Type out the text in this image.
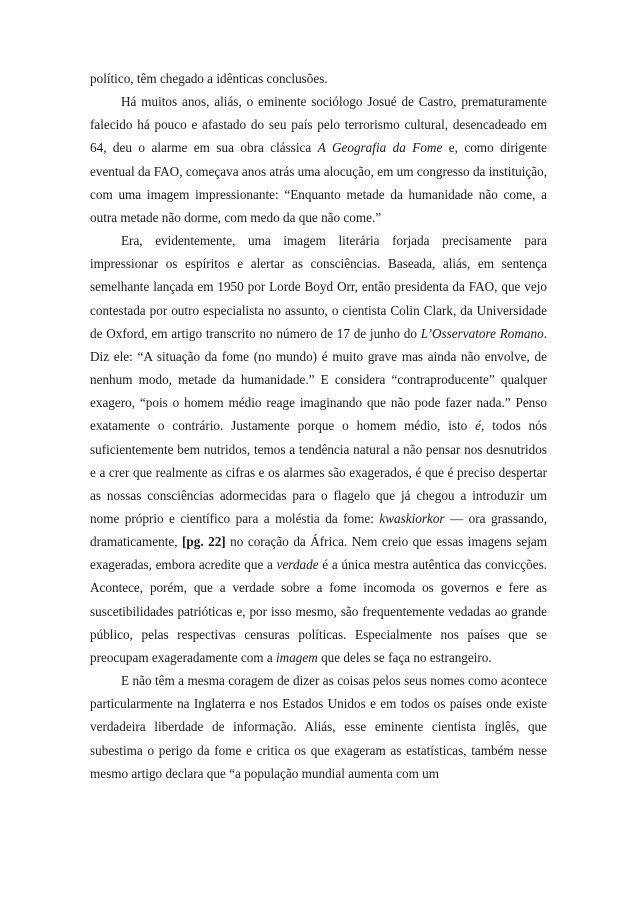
político, têm chegado a idênticas conclusões.

Há muitos anos, aliás, o eminente sociólogo Josué de Castro, prematuramente falecido há pouco e afastado do seu país pelo terrorismo cultural, desencadeado em 64, deu o alarme em sua obra clássica A Geografia da Fome e, como dirigente eventual da FAO, começava anos atrás uma alocução, em um congresso da instituição, com uma imagem impressionante: “Enquanto metade da humanidade não come, a outra metade não dorme, com medo da que não come.”

Era, evidentemente, uma imagem literária forjada precisamente para impressionar os espíritos e alertar as consciências. Baseada, aliás, em sentença semelhante lançada em 1950 por Lorde Boyd Orr, então presidenta da FAO, que vejo contestada por outro especialista no assunto, o cientista Colin Clark, da Universidade de Oxford, em artigo transcrito no número de 17 de junho do L’Osservatore Romano. Diz ele: “A situação da fome (no mundo) é muito grave mas ainda não envolve, de nenhum modo, metade da humanidade.” E considera “contraproducente” qualquer exagero, “pois o homem médio reage imaginando que não pode fazer nada.” Penso exatamente o contrário. Justamente porque o homem médio, isto é, todos nós suficientemente bem nutridos, temos a tendência natural a não pensar nos desnutridos e a crer que realmente as cifras e os alarmes são exagerados, é que é preciso despertar as nossas consciências adormecidas para o flagelo que já chegou a introduzir um nome próprio e científico para a moléstia da fome: kwaskiorkor — ora grassando, dramaticamente, [pg. 22] no coração da África. Nem creio que essas imagens sejam exageradas, embora acredite que a verdade é a única mestra autêntica das convicções. Acontece, porém, que a verdade sobre a fome incomoda os governos e fere as suscetibilidades patrióticas e, por isso mesmo, são frequentemente vedadas ao grande público, pelas respectivas censuras políticas. Especialmente nos países que se preocupam exageradamente com a imagem que deles se faça no estrangeiro.

E não têm a mesma coragem de dizer as coisas pelos seus nomes como acontece particularmente na Inglaterra e nos Estados Unidos e em todos os países onde existe verdadeira liberdade de informação. Aliás, esse eminente cientista inglês, que subestima o perigo da fome e critica os que exageram as estatísticas, também nesse mesmo artigo declara que “a população mundial aumenta com um
